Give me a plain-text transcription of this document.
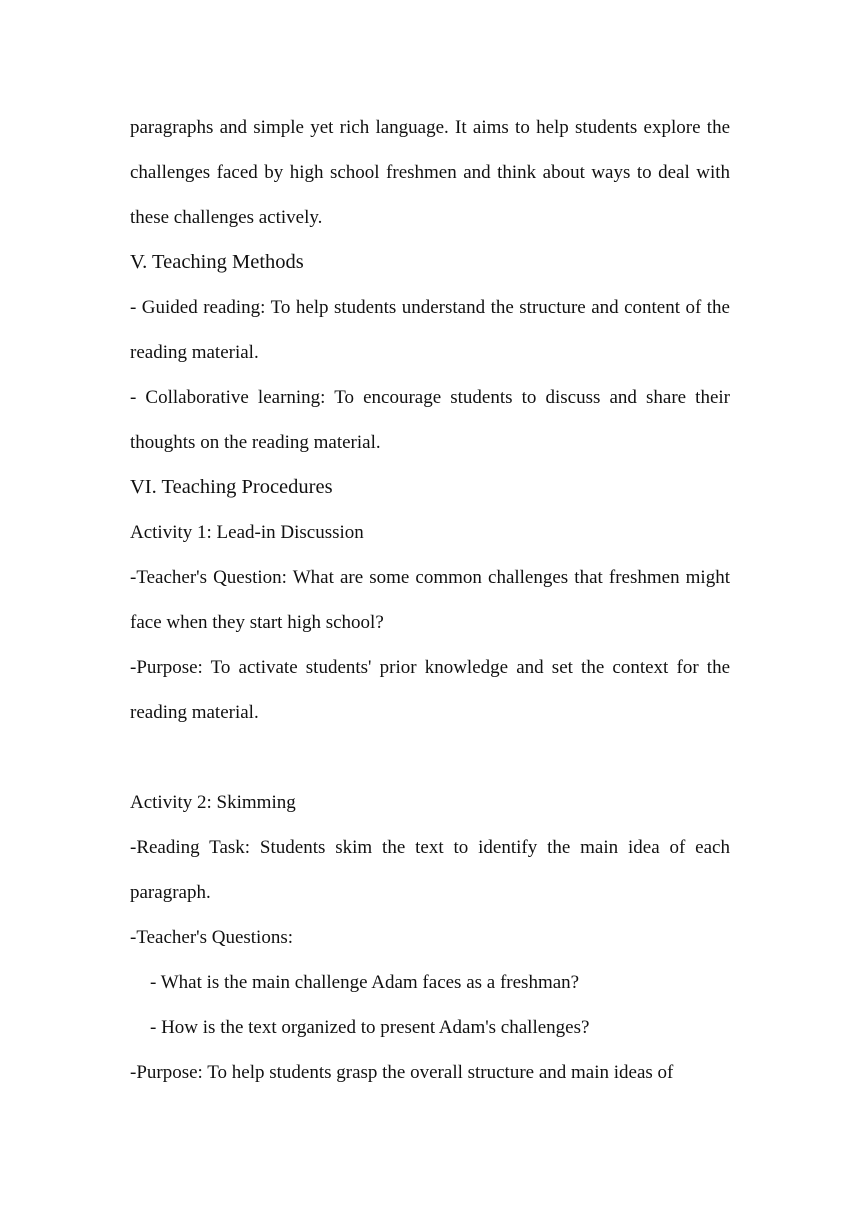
paragraphs and simple yet rich language. It aims to help students explore the challenges faced by high school freshmen and think about ways to deal with these challenges actively.

V. Teaching Methods

- Guided reading: To help students understand the structure and content of the reading material.

- Collaborative learning: To encourage students to discuss and share their thoughts on the reading material.

VI. Teaching Procedures

Activity 1: Lead-in Discussion

-Teacher's Question: What are some common challenges that freshmen might face when they start high school?

-Purpose: To activate students' prior knowledge and set the context for the reading material.

Activity 2: Skimming

-Reading Task: Students skim the text to identify the main idea of each paragraph.

-Teacher's Questions:

- What is the main challenge Adam faces as a freshman?

- How is the text organized to present Adam's challenges?

-Purpose: To help students grasp the overall structure and main ideas of
